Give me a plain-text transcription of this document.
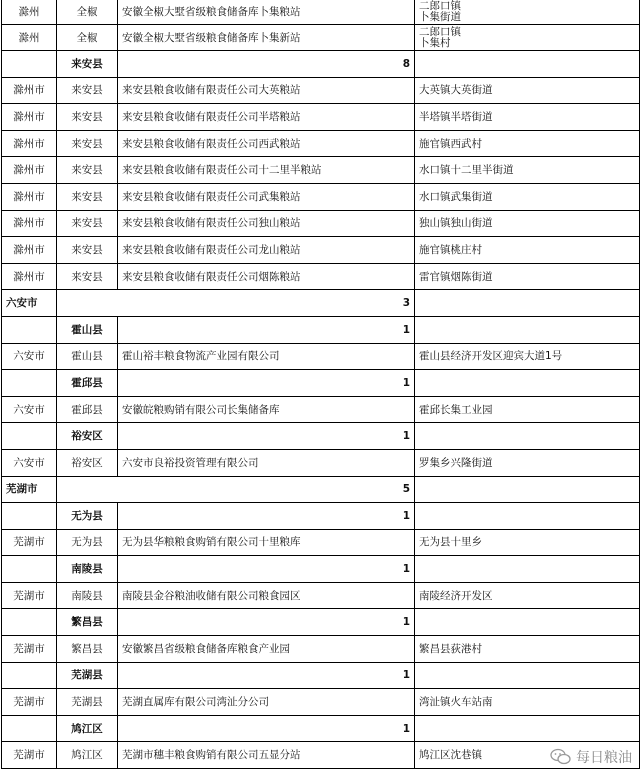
滁州	全椒	安徽全椒大墅省级粮食储备库卜集粮站	二郎口镇
卜集街道

滁州	全椒	安徽全椒大墅省级粮食储备库卜集新站	二郎口镇
卜集村

	来安县	8	
滁州市	来安县	来安县粮食收储有限责任公司大英粮站	大英镇大英街道
滁州市	来安县	来安县粮食收储有限责任公司半塔粮站	半塔镇半塔街道
滁州市	来安县	来安县粮食收储有限责任公司西武粮站	施官镇西武村
滁州市	来安县	来安县粮食收储有限责任公司十二里半粮站	水口镇十二里半街道
滁州市	来安县	来安县粮食收储有限责任公司武集粮站	水口镇武集街道
滁州市	来安县	来安县粮食收储有限责任公司独山粮站	独山镇独山街道
滁州市	来安县	来安县粮食收储有限责任公司龙山粮站	施官镇桃庄村
滁州市	来安县	来安县粮食收储有限责任公司烟陈粮站	雷官镇烟陈街道
六安市	3		
	霍山县	1	
六安市	霍山县	霍山裕丰粮食物流产业园有限公司	霍山县经济开发区迎宾大道1号
	霍邱县	1	
六安市	霍邱县	安徽皖粮购销有限公司长集储备库	霍邱长集工业园
	裕安区	1	
六安市	裕安区	六安市良裕投资管理有限公司	罗集乡兴隆街道
芜湖市	5		
	无为县	1	
芜湖市	无为县	无为县华粮粮食购销有限公司十里粮库	无为县十里乡
	南陵县	1	
芜湖市	南陵县	南陵县金谷粮油收储有限公司粮食园区	南陵经济开发区
	繁昌县	1	
芜湖市	繁昌县	安徽繁昌省级粮食储备库粮食产业园	繁昌县荻港村
	芜湖县	1	
芜湖市	芜湖县	芜湖直属库有限公司湾沚分公司	湾沚镇火车站南
	鸠江区	1	
芜湖市	鸠江区	芜湖市穗丰粮食购销有限公司五显分站	鸠江区沈巷镇	每日粮油
